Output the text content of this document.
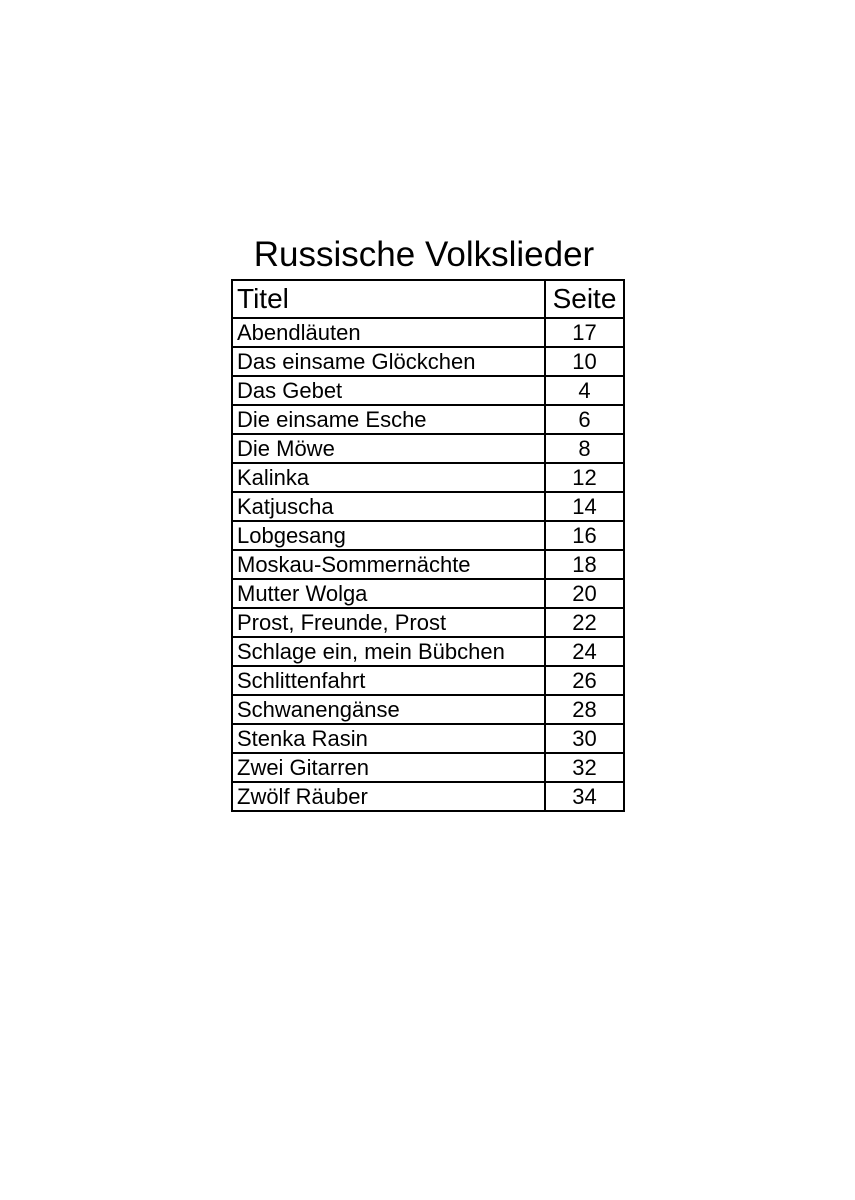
Russische Volkslieder
Titel	Seite
Abendläuten	17
Das einsame Glöckchen	10
Das Gebet	4
Die einsame Esche	6
Die Möwe	8
Kalinka	12
Katjuscha	14
Lobgesang	16
Moskau-Sommernächte	18
Mutter Wolga	20
Prost, Freunde, Prost	22
Schlage ein, mein Bübchen	24
Schlittenfahrt	26
Schwanengänse	28
Stenka Rasin	30
Zwei Gitarren	32
Zwölf Räuber	34
